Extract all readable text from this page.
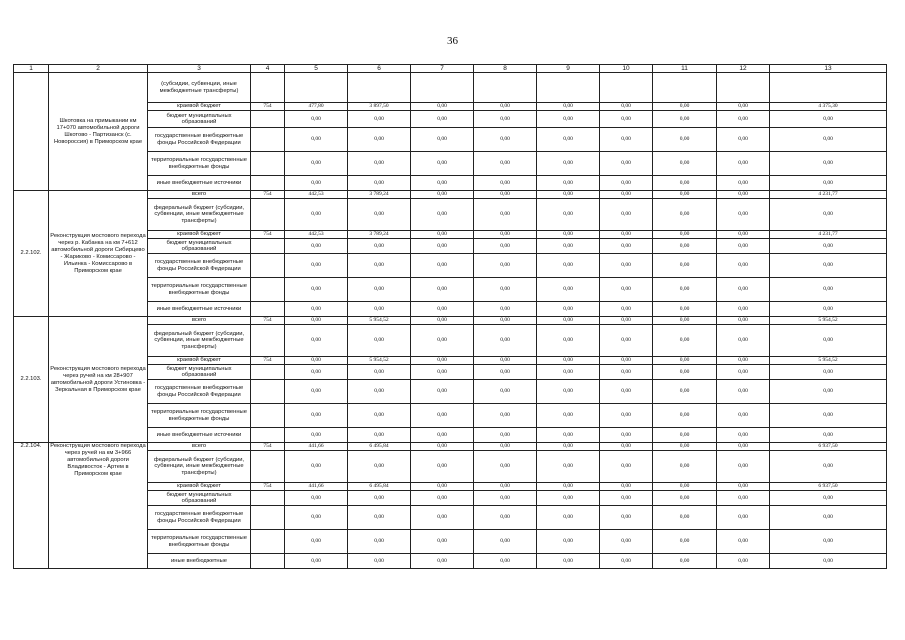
36
1	2	3	4	5	6	7	8	9	10	11	12	13
	Шкотовка на примыкании км 17+070 автомобильной дороги Шкотово - Партизанск (с. Новороссия) в Приморском крае	(субсидии, субвенции, иные межбюджетные трансферты)										
		краевой бюджет	754	477,80	3 897,50	0,00	0,00	0,00	0,00	0,00	0,00	4 375,30
		бюджет муниципальных образований		0,00	0,00	0,00	0,00	0,00	0,00	0,00	0,00	0,00
		государственные внебюджетные фонды Российской Федерации		0,00	0,00	0,00	0,00	0,00	0,00	0,00	0,00	0,00
		территориальные государственные внебюджетные фонды		0,00	0,00	0,00	0,00	0,00	0,00	0,00	0,00	0,00
		иные внебюджетные источники		0,00	0,00	0,00	0,00	0,00	0,00	0,00	0,00	0,00
2.2.102.	Реконструкция мостового перехода через р. Кабанка на км 7+612 автомобильной дороги Сибирцево - Жариково - Комиссарово - Ильинка - Комиссарово в Приморском крае	всего	754	442,53	3 789,24	0,00	0,00	0,00	0,00	0,00	0,00	4 231,77
		федеральный бюджет (субсидии, субвенции, иные межбюджетные трансферты)		0,00	0,00	0,00	0,00	0,00	0,00	0,00	0,00	0,00
		краевой бюджет	754	442,53	3 789,24	0,00	0,00	0,00	0,00	0,00	0,00	4 231,77
		бюджет муниципальных образований		0,00	0,00	0,00	0,00	0,00	0,00	0,00	0,00	0,00
		государственные внебюджетные фонды Российской Федерации		0,00	0,00	0,00	0,00	0,00	0,00	0,00	0,00	0,00
		территориальные государственные внебюджетные фонды		0,00	0,00	0,00	0,00	0,00	0,00	0,00	0,00	0,00
		иные внебюджетные источники		0,00	0,00	0,00	0,00	0,00	0,00	0,00	0,00	0,00
2.2.103.	Реконструкция мостового перехода через ручей на км 28+907 автомобильной дороги Устиновка - Зеркальная в Приморском крае	всего	754	0,00	5 954,52	0,00	0,00	0,00	0,00	0,00	0,00	5 954,52
		федеральный бюджет (субсидии, субвенции, иные межбюджетные трансферты)		0,00	0,00	0,00	0,00	0,00	0,00	0,00	0,00	0,00
		краевой бюджет	754	0,00	5 954,52	0,00	0,00	0,00	0,00	0,00	0,00	5 954,52
		бюджет муниципальных образований		0,00	0,00	0,00	0,00	0,00	0,00	0,00	0,00	0,00
		государственные внебюджетные фонды Российской Федерации		0,00	0,00	0,00	0,00	0,00	0,00	0,00	0,00	0,00
		территориальные государственные внебюджетные фонды		0,00	0,00	0,00	0,00	0,00	0,00	0,00	0,00	0,00
		иные внебюджетные источники		0,00	0,00	0,00	0,00	0,00	0,00	0,00	0,00	0,00
2.2.104.	Реконструкция мостового перехода через ручей на км 3+966 автомобильной дороги Владивосток - Артем в Приморском крае	всего	754	441,66	6 495,84	0,00	0,00	0,00	0,00	0,00	0,00	6 937,50
		федеральный бюджет (субсидии, субвенции, иные межбюджетные трансферты)		0,00	0,00	0,00	0,00	0,00	0,00	0,00	0,00	0,00
		краевой бюджет	754	441,66	6 495,84	0,00	0,00	0,00	0,00	0,00	0,00	6 937,50
		бюджет муниципальных образований		0,00	0,00	0,00	0,00	0,00	0,00	0,00	0,00	0,00
		государственные внебюджетные фонды Российской Федерации		0,00	0,00	0,00	0,00	0,00	0,00	0,00	0,00	0,00
		территориальные государственные внебюджетные фонды		0,00	0,00	0,00	0,00	0,00	0,00	0,00	0,00	0,00
		иные внебюджетные		0,00	0,00	0,00	0,00	0,00	0,00	0,00	0,00	0,00
